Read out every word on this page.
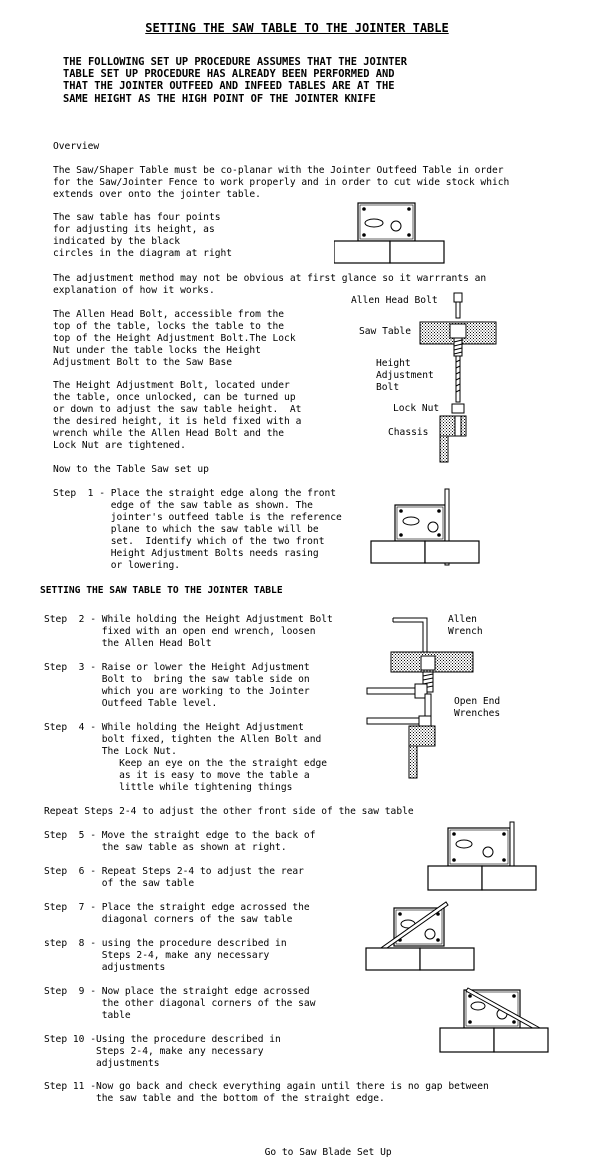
SETTING THE SAW TABLE TO THE JOINTER TABLE
THE FOLLOWING SET UP PROCEDURE ASSUMES THAT THE JOINTER
TABLE SET UP PROCEDURE HAS ALREADY BEEN PERFORMED AND
THAT THE JOINTER OUTFEED AND INFEED TABLES ARE AT THE
SAME HEIGHT AS THE HIGH POINT OF THE JOINTER KNIFE
Overview
The Saw/Shaper Table must be co-planar with the Jointer Outfeed Table in order
for the Saw/Jointer Fence to work properly and in order to cut wide stock which
extends over onto the jointer table.
The saw table has four points
for adjusting its height, as
indicated by the black
circles in the diagram at right
The adjustment method may not be obvious at first glance so it warrrants an
explanation of how it works.
The Allen Head Bolt, accessible from the
top of the table, locks the table to the
top of the Height Adjustment Bolt.The Lock
Nut under the table locks the Height
Adjustment Bolt to the Saw Base
The Height Adjustment Bolt, located under
the table, once unlocked, can be turned up
or down to adjust the saw table height.  At
the desired height, it is held fixed with a
wrench while the Allen Head Bolt and the
Lock Nut are tightened.
Now to the Table Saw set up
Allen Head Bolt
Saw Table
Height
Adjustment
Bolt
Lock Nut
Chassis
Step  1 - Place the straight edge along the front
edge of the saw table as shown. The
jointer's outfeed table is the reference
plane to which the saw table will be
set.  Identify which of the two front
Height Adjustment Bolts needs rasing
or lowering.
SETTING THE SAW TABLE TO THE JOINTER TABLE
Step  2 - While holding the Height Adjustment Bolt
fixed with an open end wrench, loosen
the Allen Head Bolt
Step  3 - Raise or lower the Height Adjustment
Bolt to  bring the saw table side on
which you are working to the Jointer
Outfeed Table level.
Step  4 - While holding the Height Adjustment
bolt fixed, tighten the Allen Bolt and
The Lock Nut.
Keep an eye on the the straight edge
as it is easy to move the table a
little while tightening things
Allen
Wrench
Open End
Wrenches
Repeat Steps 2-4 to adjust the other front side of the saw table
Step  5 - Move the straight edge to the back of
the saw table as shown at right.
Step  6 - Repeat Steps 2-4 to adjust the rear
of the saw table
Step  7 - Place the straight edge acrossed the
diagonal corners of the saw table
step  8 - using the procedure described in
Steps 2-4, make any necessary
adjustments
Step  9 - Now place the straight edge acrossed
the other diagonal corners of the saw
table
Step 10 -Using the procedure described in
Steps 2-4, make any necessary
adjustments
Step 11 -Now go back and check everything again until there is no gap between
the saw table and the bottom of the straight edge.

Go to Saw Blade Set Up
